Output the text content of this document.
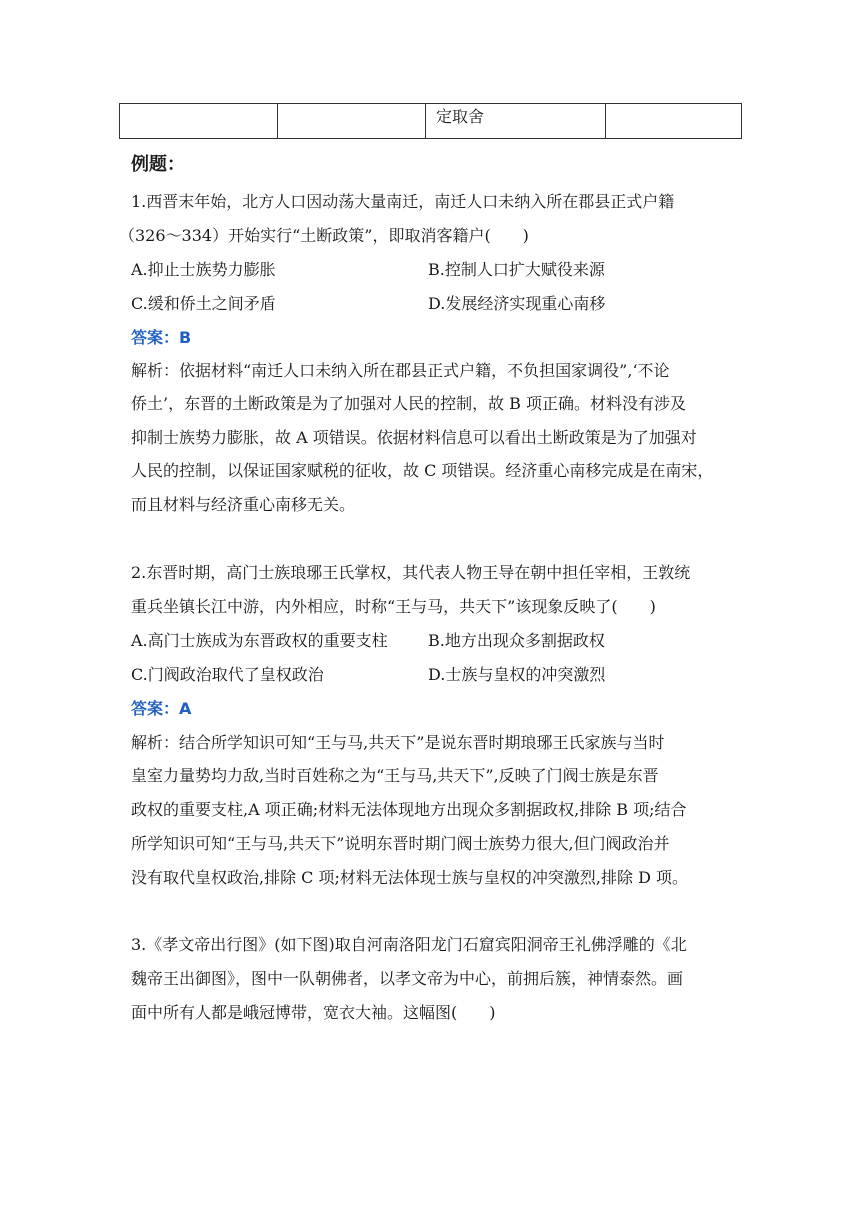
		定取舍	
例题：
1.西晋末年始，北方人口因动荡大量南迁，南迁人口未纳入所在郡县正式户籍
（326～334）开始实行“土断政策”，即取消客籍户(　　)
A.抑止士族势力膨胀	B.控制人口扩大赋役来源
C.缓和侨土之间矛盾	D.发展经济实现重心南移
答案：B
解析：依据材料“南迁人口未纳入所在郡县正式户籍，不负担国家调役”,‘不论
侨土’，东晋的土断政策是为了加强对人民的控制，故 B 项正确。材料没有涉及
抑制士族势力膨胀，故 A 项错误。依据材料信息可以看出土断政策是为了加强对
人民的控制，以保证国家赋税的征收，故 C 项错误。经济重心南移完成是在南宋，
而且材料与经济重心南移无关。
2.东晋时期，高门士族琅琊王氏掌权，其代表人物王导在朝中担任宰相，王敦统
重兵坐镇长江中游，内外相应，时称“王与马，共天下”该现象反映了(　　)
A.高门士族成为东晋政权的重要支柱	B.地方出现众多割据政权
C.门阀政治取代了皇权政治	D.士族与皇权的冲突激烈
答案：A
解析：结合所学知识可知“王与马,共天下”是说东晋时期琅琊王氏家族与当时
皇室力量势均力敌,当时百姓称之为“王与马,共天下”,反映了门阀士族是东晋
政权的重要支柱,A 项正确;材料无法体现地方出现众多割据政权,排除 B 项;结合
所学知识可知“王与马,共天下”说明东晋时期门阀士族势力很大,但门阀政治并
没有取代皇权政治,排除 C 项;材料无法体现士族与皇权的冲突激烈,排除 D 项。
3.《孝文帝出行图》(如下图)取自河南洛阳龙门石窟宾阳洞帝王礼佛浮雕的《北
魏帝王出御图》，图中一队朝佛者，以孝文帝为中心，前拥后簇，神情泰然。画
面中所有人都是峨冠博带，宽衣大袖。这幅图(　　)
